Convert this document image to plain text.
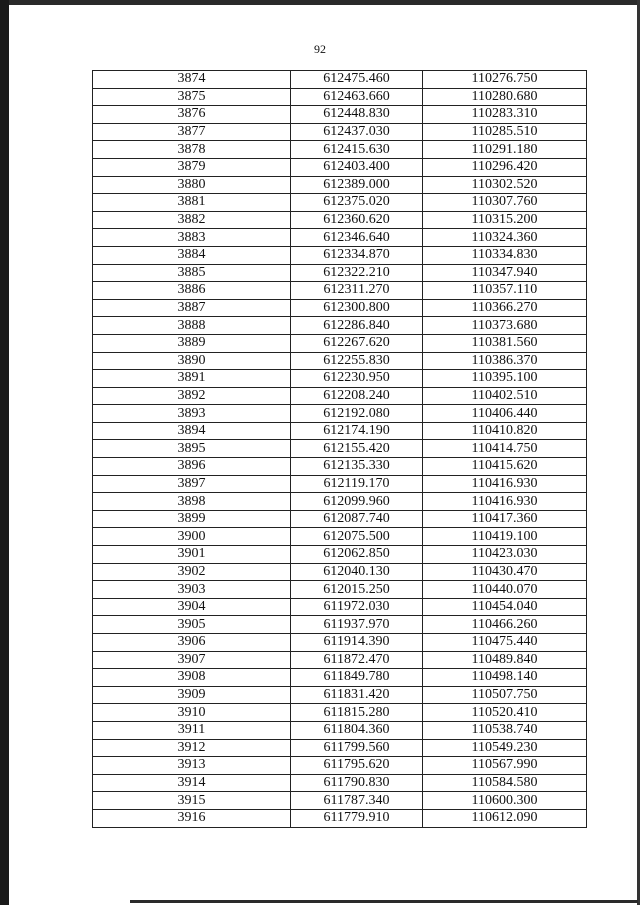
92
3874	612475.460	110276.750
3875	612463.660	110280.680
3876	612448.830	110283.310
3877	612437.030	110285.510
3878	612415.630	110291.180
3879	612403.400	110296.420
3880	612389.000	110302.520
3881	612375.020	110307.760
3882	612360.620	110315.200
3883	612346.640	110324.360
3884	612334.870	110334.830
3885	612322.210	110347.940
3886	612311.270	110357.110
3887	612300.800	110366.270
3888	612286.840	110373.680
3889	612267.620	110381.560
3890	612255.830	110386.370
3891	612230.950	110395.100
3892	612208.240	110402.510
3893	612192.080	110406.440
3894	612174.190	110410.820
3895	612155.420	110414.750
3896	612135.330	110415.620
3897	612119.170	110416.930
3898	612099.960	110416.930
3899	612087.740	110417.360
3900	612075.500	110419.100
3901	612062.850	110423.030
3902	612040.130	110430.470
3903	612015.250	110440.070
3904	611972.030	110454.040
3905	611937.970	110466.260
3906	611914.390	110475.440
3907	611872.470	110489.840
3908	611849.780	110498.140
3909	611831.420	110507.750
3910	611815.280	110520.410
3911	611804.360	110538.740
3912	611799.560	110549.230
3913	611795.620	110567.990
3914	611790.830	110584.580
3915	611787.340	110600.300
3916	611779.910	110612.090
